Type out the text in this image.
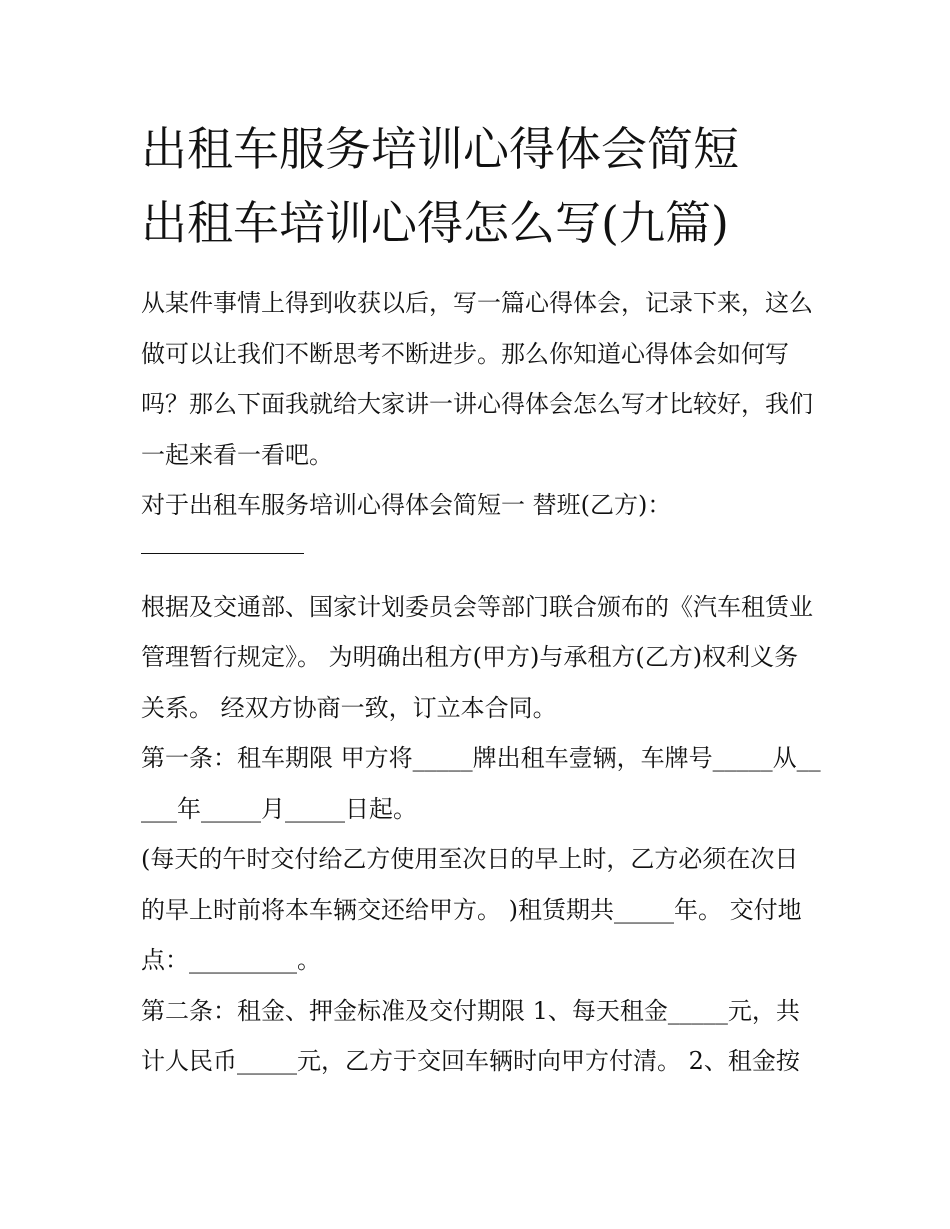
出租车服务培训心得体会简短
出租车培训心得怎么写(九篇)

从某件事情上得到收获以后，写一篇心得体会，记录下来，这么做可以让我们不断思考不断进步。那么你知道心得体会如何写吗？那么下面我就给大家讲一讲心得体会怎么写才比较好，我们一起来看一看吧。

对于出租车服务培训心得体会简短一 替班(乙方)：

根据及交通部、国家计划委员会等部门联合颁布的《汽车租赁业管理暂行规定》。 为明确出租方(甲方)与承租方(乙方)权利义务关系。 经双方协商一致，订立本合同。

第一条：租车期限 甲方将_____牌出租车壹辆，车牌号_____从_____年_____月_____日起。

(每天的午时交付给乙方使用至次日的早上时，乙方必须在次日的早上时前将本车辆交还给甲方。 )租赁期共_____年。 交付地点：_________。

第二条：租金、押金标准及交付期限 1、每天租金_____元，共计人民币_____元，乙方于交回车辆时向甲方付清。 2、租金按
